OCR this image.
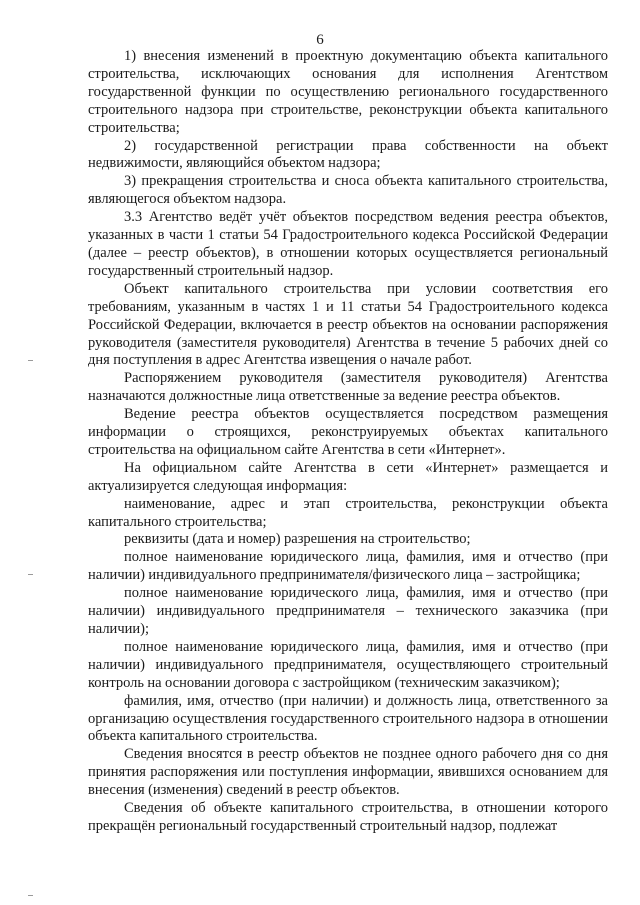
6

1) внесения изменений в проектную документацию объекта капитального строительства, исключающих основания для исполнения Агентством государственной функции по осуществлению регионального государственного строительного надзора при строительстве, реконструкции объекта капитального строительства;

2) государственной регистрации права собственности на объект недвижимости, являющийся объектом надзора;

3) прекращения строительства и сноса объекта капитального строительства, являющегося объектом надзора.

3.3 Агентство ведёт учёт объектов посредством ведения реестра объектов, указанных в части 1 статьи 54 Градостроительного кодекса Российской Федерации (далее – реестр объектов), в отношении которых осуществляется региональный государственный строительный надзор.

Объект капитального строительства при условии соответствия его требованиям, указанным в частях 1 и 11 статьи 54 Градостроительного кодекса Российской Федерации, включается в реестр объектов на основании распоряжения руководителя (заместителя руководителя) Агентства в течение 5 рабочих дней со дня поступления в адрес Агентства извещения о начале работ.

Распоряжением руководителя (заместителя руководителя) Агентства назначаются должностные лица ответственные за ведение реестра объектов.

Ведение реестра объектов осуществляется посредством размещения информации о строящихся, реконструируемых объектах капитального строительства на официальном сайте Агентства в сети «Интернет».

На официальном сайте Агентства в сети «Интернет» размещается и актуализируется следующая информация:

наименование, адрес и этап строительства, реконструкции объекта капитального строительства;

реквизиты (дата и номер) разрешения на строительство;

полное наименование юридического лица, фамилия, имя и отчество (при наличии) индивидуального предпринимателя/физического лица – застройщика;

полное наименование юридического лица, фамилия, имя и отчество (при наличии) индивидуального предпринимателя – технического заказчика (при наличии);

полное наименование юридического лица, фамилия, имя и отчество (при наличии) индивидуального предпринимателя, осуществляющего строительный контроль на основании договора с застройщиком (техническим заказчиком);

фамилия, имя, отчество (при наличии) и должность лица, ответственного за организацию осуществления государственного строительного надзора в отношении объекта капитального строительства.

Сведения вносятся в реестр объектов не позднее одного рабочего дня со дня принятия распоряжения или поступления информации, явившихся основанием для внесения (изменения) сведений в реестр объектов.

Сведения об объекте капитального строительства, в отношении которого прекращён региональный государственный строительный надзор, подлежат
